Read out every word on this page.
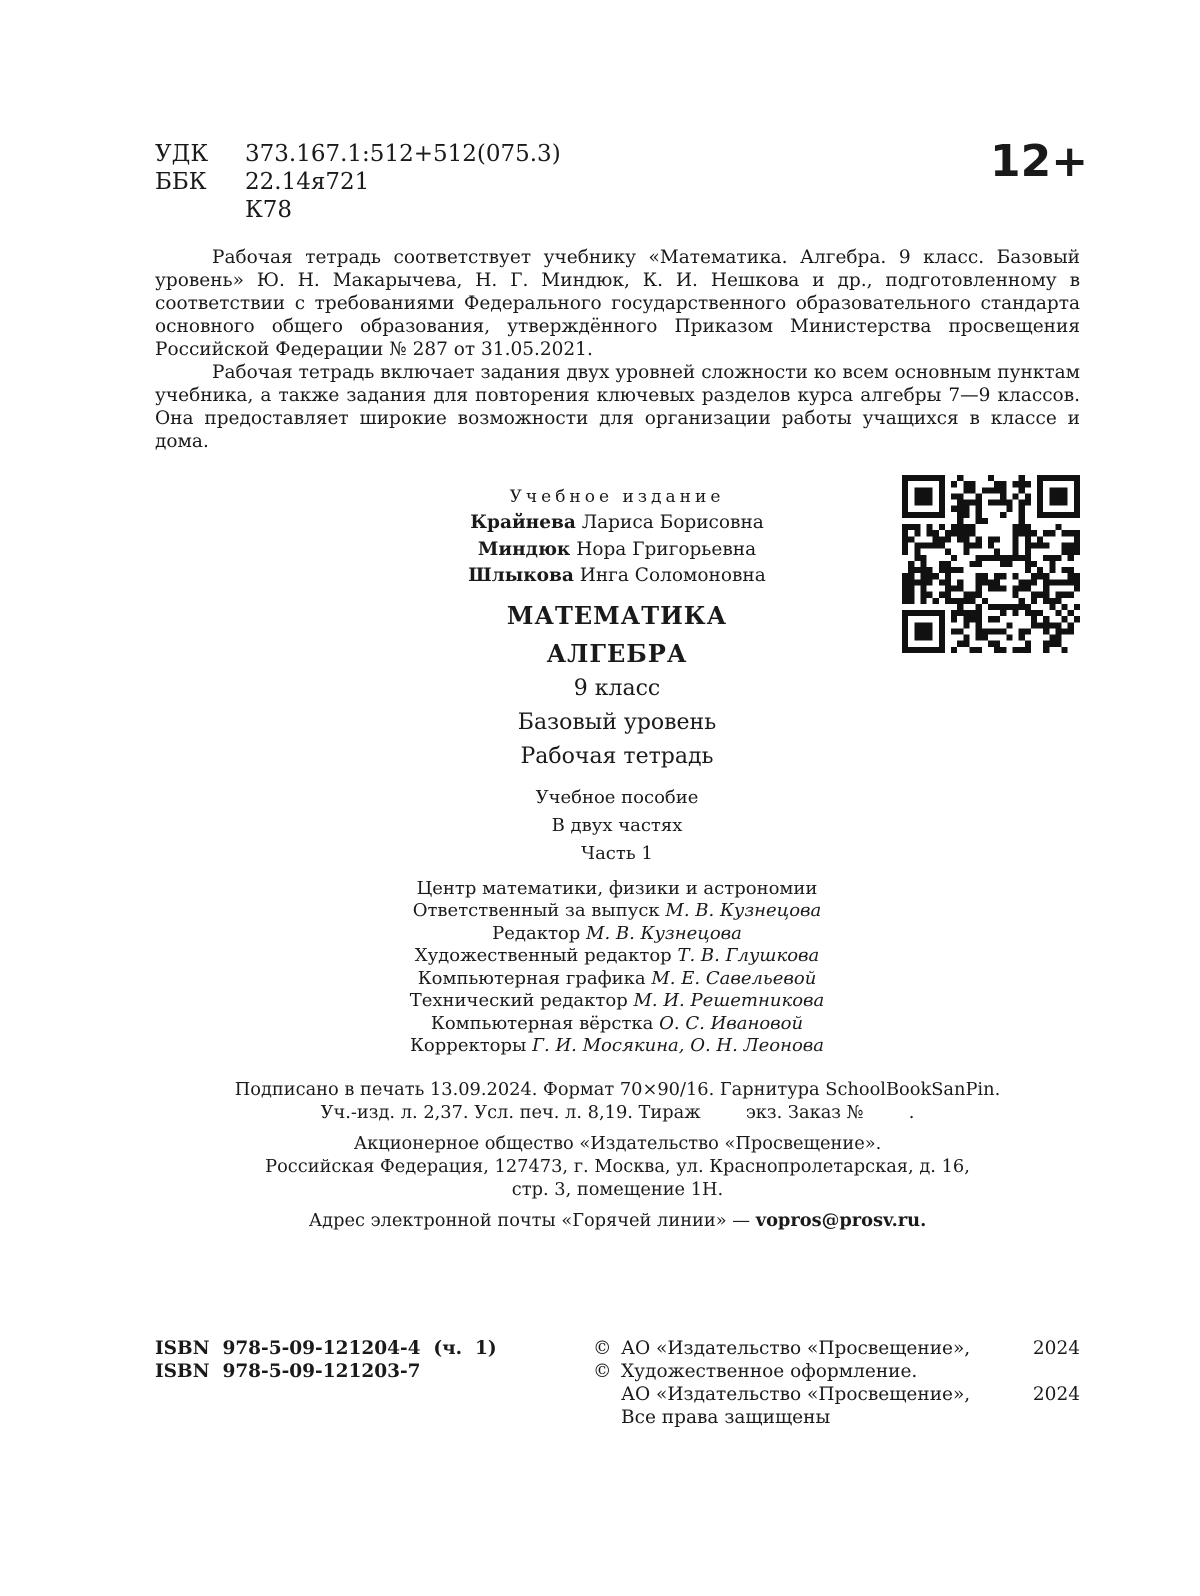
УДК	373.167.1:512+512(075.3)
ББК	22.14я721
К78
12+

Рабочая тетрадь соответствует учебнику «Математика. Алгебра. 9 класс. Базовый уровень» Ю. Н. Макарычева, Н. Г. Миндюк, К. И. Нешкова и др., подготовленному в соответствии с требованиями Федерального государственного образовательного стандарта основного общего образования, утверждённого Приказом Министерства просвещения Российской Федерации № 287 от 31.05.2021.

Рабочая тетрадь включает задания двух уровней сложности ко всем основным пунктам учебника, а также задания для повторения ключевых разделов курса алгебры 7—9 классов. Она предоставляет широкие возможности для организации работы учащихся в классе и дома.

Учебное издание
Крайнева Лариса Борисовна
Миндюк Нора Григорьевна
Шлыкова Инга Соломоновна
МАТЕМАТИКА
АЛГЕБРА
9 класс
Базовый уровень
Рабочая тетрадь
Учебное пособие
В двух частях
Часть 1
Центр математики, физики и астрономии
Ответственный за выпуск М. В. Кузнецова
Редактор М. В. Кузнецова
Художественный редактор Т. В. Глушкова
Компьютерная графика М. Е. Савельевой
Технический редактор М. И. Решетникова
Компьютерная вёрстка О. С. Ивановой
Корректоры Г. И. Мосякина, О. Н. Леонова
Подписано в печать 13.09.2024. Формат 70×90/16. Гарнитура SchoolBookSanPin.
Уч.-изд. л. 2,37. Усл. печ. л. 8,19. Тираж        экз. Заказ №        .
Акционерное общество «Издательство «Просвещение».
Российская Федерация, 127473, г. Москва, ул. Краснопролетарская, д. 16,
стр. 3, помещение 1Н.
Адрес электронной почты «Горячей линии» — vopros@prosv.ru.
ISBN  978-5-09-121204-4  (ч.  1)
ISBN  978-5-09-121203-7
© АО «Издательство «Просвещение»,	2024
© Художественное оформление.
АО «Издательство «Просвещение»,	2024
Все права защищены
